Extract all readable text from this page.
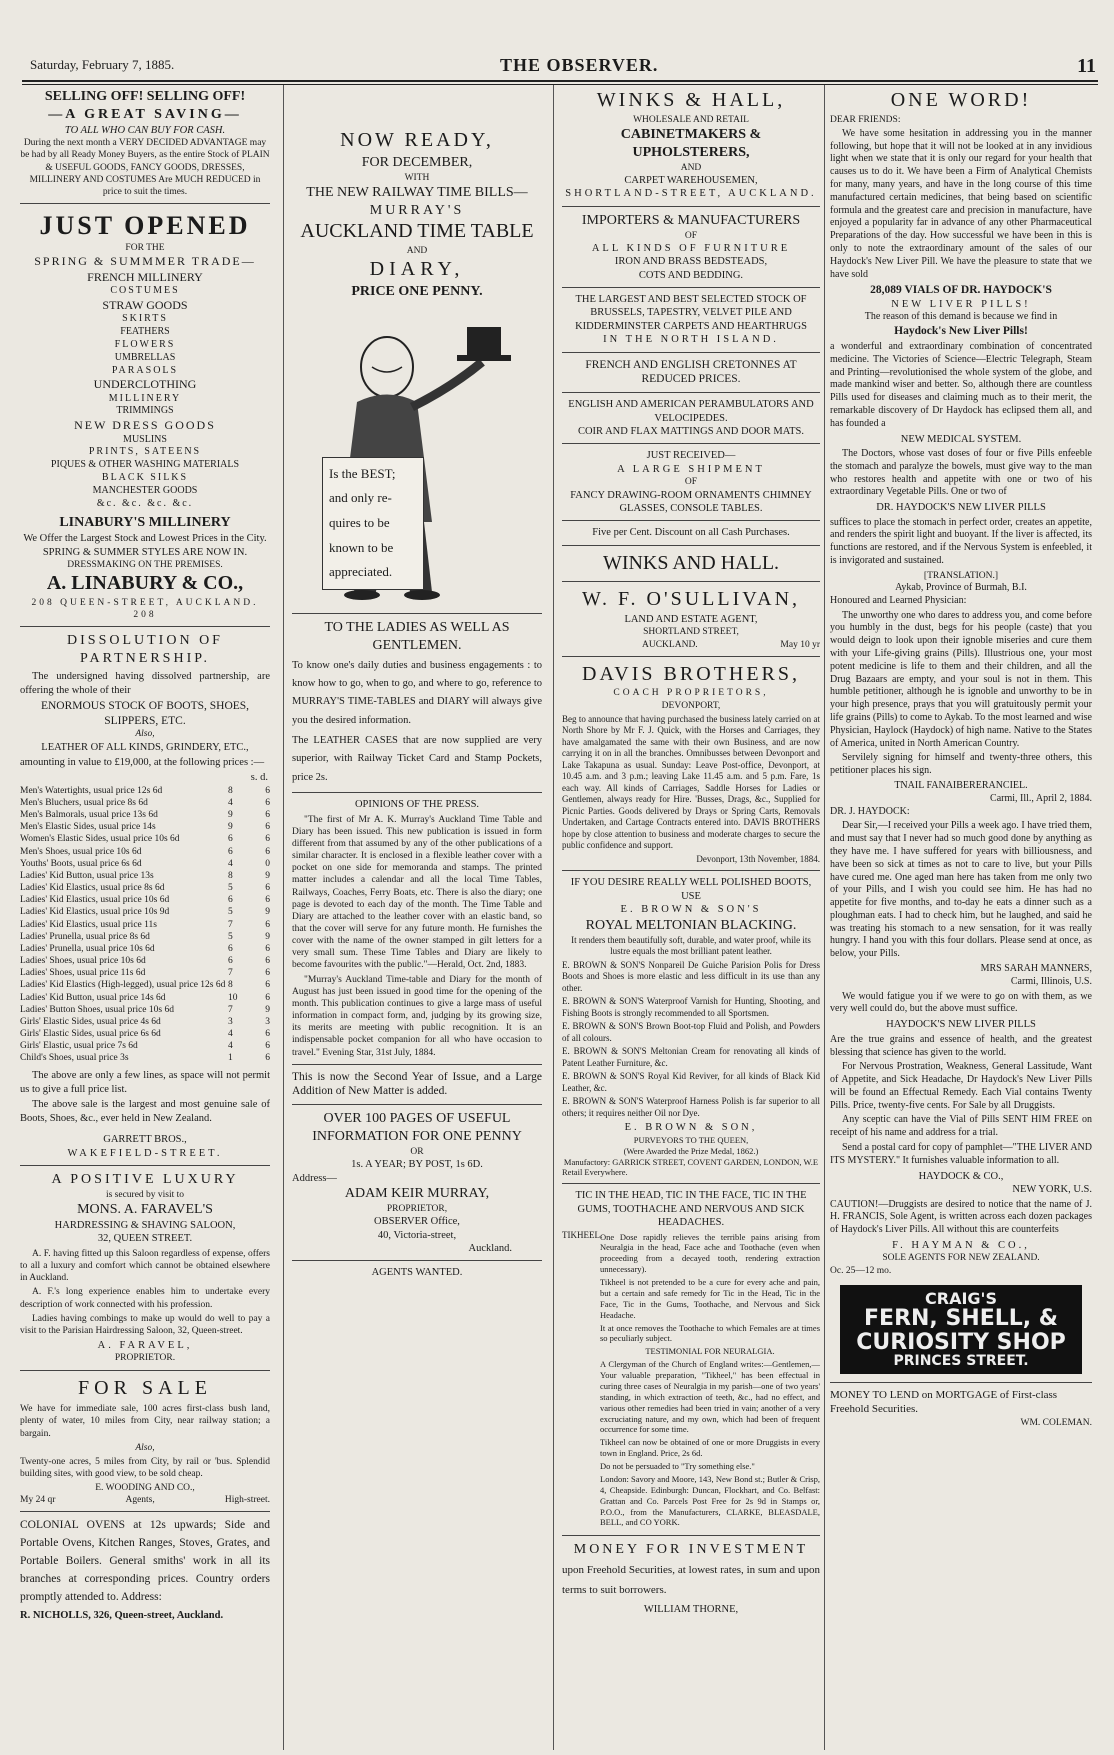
Saturday, February 7, 1885.	THE OBSERVER.	11
SELLING OFF! SELLING OFF!
—A GREAT SAVING—
TO ALL WHO CAN BUY FOR CASH.
During the next month a VERY DECIDED ADVANTAGE may be had by all Ready Money Buyers, as the entire Stock of PLAIN & USEFUL GOODS, FANCY GOODS, DRESSES, MILLINERY AND COSTUMES Are MUCH REDUCED in price to suit the times.
JUST OPENED
FOR THE
SPRING & SUMMMER TRADE—
FRENCH MILLINERY
COSTUMES
STRAW GOODS
SKIRTS
FEATHERS
FLOWERS
UMBRELLAS
PARASOLS
UNDERCLOTHING
MILLINERY
TRIMMINGS
NEW DRESS GOODS
MUSLINS
PRINTS, SATEENS
PIQUES & OTHER WASHING MATERIALS
BLACK SILKS
MANCHESTER GOODS
&c. &c. &c. &c.
LINABURY'S MILLINERY
We Offer the Largest Stock and Lowest Prices in the City.
SPRING & SUMMER STYLES ARE NOW IN.
DRESSMAKING ON THE PREMISES.
A. LINABURY & CO.,
208 QUEEN-STREET, AUCKLAND. 208
DISSOLUTION OF PARTNERSHIP.

The undersigned having dissolved partnership, are offering the whole of their

ENORMOUS STOCK OF BOOTS, SHOES, SLIPPERS, ETC.
Also,
LEATHER OF ALL KINDS, GRINDERY, ETC.,

amounting in value to £19,000, at the following prices :—

s. d.
Men's Watertights, usual price 12s 6d	8	6
Men's Bluchers, usual price 8s 6d	4	6
Men's Balmorals, usual price 13s 6d	9	6
Men's Elastic Sides, usual price 14s	9	6
Women's Elastic Sides, usual price 10s 6d	6	6
Men's Shoes, usual price 10s 6d	6	6
Youths' Boots, usual price 6s 6d	4	0
Ladies' Kid Button, usual price 13s	8	9
Ladies' Kid Elastics, usual price 8s 6d	5	6
Ladies' Kid Elastics, usual price 10s 6d	6	6
Ladies' Kid Elastics, usual price 10s 9d	5	9
Ladies' Kid Elastics, usual price 11s	7	6
Ladies' Prunella, usual price 8s 6d	5	9
Ladies' Prunella, usual price 10s 6d	6	6
Ladies' Shoes, usual price 10s 6d	6	6
Ladies' Shoes, usual price 11s 6d	7	6
Ladies' Kid Elastics (High-legged), usual price 12s 6d 8	6
Ladies' Kid Button, usual price 14s 6d	10	6
Ladies' Button Shoes, usual price 10s 6d	7	9
Girls' Elastic Sides, usual price 4s 6d	3	3
Girls' Elastic Sides, usual price 6s 6d	4	6
Girls' Elastic, usual price 7s 6d	4	6
Child's Shoes, usual price 3s	1	6

The above are only a few lines, as space will not permit us to give a full price list.

The above sale is the largest and most genuine sale of Boots, Shoes, &c., ever held in New Zealand.

GARRETT BROS.,
WAKEFIELD-STREET.
A POSITIVE LUXURY
is secured by visit to
MONS. A. FARAVEL'S
HARDRESSING & SHAVING SALOON,
32, QUEEN STREET.

A. F. having fitted up this Saloon regardless of expense, offers to all a luxury and comfort which cannot be obtained elsewhere in Auckland.

A. F.'s long experience enables him to undertake every description of work connected with his profession.

Ladies having combings to make up would do well to pay a visit to the Parisian Hairdressing Saloon, 32, Queen-street.

A. FARAVEL,
PROPRIETOR.
FOR SALE

We have for immediate sale, 100 acres first-class bush land, plenty of water, 10 miles from City, near railway station; a bargain.

Also,

Twenty-one acres, 5 miles from City, by rail or 'bus. Splendid building sites, with good view, to be sold cheap.

E. WOODING AND CO.,
My 24 qr	Agents,	High-street.

COLONIAL OVENS at 12s upwards; Side and Portable Ovens, Kitchen Ranges, Stoves, Grates, and Portable Boilers. General smiths' work in all its branches at corresponding prices. Country orders promptly attended to. Address:

R. NICHOLLS, 326, Queen-street, Auckland.
NOW READY,
FOR DECEMBER,
WITH
THE NEW RAILWAY TIME BILLS—
MURRAY'S
AUCKLAND TIME TABLE
AND
DIARY,
PRICE ONE PENNY.
Is the BEST;
and only re-
quires to be
known to be
appreciated.
TO THE LADIES AS WELL AS GENTLEMEN.

To know one's daily duties and business engagements : to know how to go, when to go, and where to go, reference to MURRAY'S TIME-TABLES and DIARY will always give you the desired information.

The LEATHER CASES that are now supplied are very superior, with Railway Ticket Card and Stamp Pockets, price 2s.

OPINIONS OF THE PRESS.

"The first of Mr A. K. Murray's Auckland Time Table and Diary has been issued. This new publication is issued in form different from that assumed by any of the other publications of a similar character. It is enclosed in a flexible leather cover with a pocket on one side for memoranda and stamps. The printed matter includes a calendar and all the local Time Tables, Railways, Coaches, Ferry Boats, etc. There is also the diary; one page is devoted to each day of the month. The Time Table and Diary are attached to the leather cover with an elastic band, so that the cover will serve for any future month. He furnishes the cover with the name of the owner stamped in gilt letters for a very small sum. These Time Tables and Diary are likely to become favourites with the public."—Herald, Oct. 2nd, 1883.

"Murray's Auckland Time-table and Diary for the month of August has just been issued in good time for the opening of the month. This publication continues to give a large mass of useful information in compact form, and, judging by its growing size, its merits are meeting with public recognition. It is an indispensable pocket companion for all who have occasion to travel." Evening Star, 31st July, 1884.

This is now the Second Year of Issue, and a Large Addition of New Matter is added.

OVER 100 PAGES OF USEFUL INFORMATION FOR ONE PENNY
OR
1s. A YEAR; BY POST, 1s 6D.
Address—
ADAM KEIR MURRAY,
PROPRIETOR,
OBSERVER Office,
40, Victoria-street,
Auckland.
AGENTS WANTED.
WINKS & HALL,
WHOLESALE AND RETAIL
CABINETMAKERS & UPHOLSTERERS,
AND
CARPET WAREHOUSEMEN,
SHORTLAND-STREET, AUCKLAND.
IMPORTERS & MANUFACTURERS
OF
ALL KINDS OF FURNITURE
IRON AND BRASS BEDSTEADS,
COTS AND BEDDING.
THE LARGEST AND BEST SELECTED STOCK OF BRUSSELS, TAPESTRY, VELVET PILE AND KIDDERMINSTER CARPETS AND HEARTHRUGS
IN THE NORTH ISLAND.
FRENCH AND ENGLISH CRETONNES AT REDUCED PRICES.
ENGLISH AND AMERICAN PERAMBULATORS AND VELOCIPEDES.
COIR AND FLAX MATTINGS AND DOOR MATS.
JUST RECEIVED—
A LARGE SHIPMENT
OF
FANCY DRAWING-ROOM ORNAMENTS CHIMNEY GLASSES, CONSOLE TABLES.
Five per Cent. Discount on all Cash Purchases.
WINKS AND HALL.
W. F. O'SULLIVAN,
LAND AND ESTATE AGENT,
SHORTLAND STREET,
AUCKLAND.	May 10 yr
DAVIS BROTHERS,
COACH PROPRIETORS,
DEVONPORT,

Beg to announce that having purchased the business lately carried on at North Shore by Mr F. J. Quick, with the Horses and Carriages, they have amalgamated the same with their own Business, and are now carrying it on in all the branches. Omnibusses between Devonport and Lake Takapuna as usual. Sunday: Leave Post-office, Devonport, at 10.45 a.m. and 3 p.m.; leaving Lake 11.45 a.m. and 5 p.m. Fare, 1s each way. All kinds of Carriages, Saddle Horses for Ladies or Gentlemen, always ready for Hire. 'Busses, Drags, &c., Supplied for Picnic Parties. Goods delivered by Drays or Spring Carts, Removals Undertaken, and Cartage Contracts entered into. DAVIS BROTHERS hope by close attention to business and moderate charges to secure the public confidence and support.

Devonport, 13th November, 1884.
IF YOU DESIRE REALLY WELL POLISHED BOOTS, USE
E. BROWN & SON'S
ROYAL MELTONIAN BLACKING.
It renders them beautifully soft, durable, and water proof, while its lustre equals the most brilliant patent leather.

E. BROWN & SON'S Nonpareil De Guiche Parision Polis for Dress Boots and Shoes is more elastic and less difficult in its use than any other.

E. BROWN & SON'S Waterproof Varnish for Hunting, Shooting, and Fishing Boots is strongly recommended to all Sportsmen.

E. BROWN & SON'S Brown Boot-top Fluid and Polish, and Powders of all colours.

E. BROWN & SON'S Meltonian Cream for renovating all kinds of Patent Leather Furniture, &c.

E. BROWN & SON'S Royal Kid Reviver, for all kinds of Black Kid Leather, &c.

E. BROWN & SON'S Waterproof Harness Polish is far superior to all others; it requires neither Oil nor Dye.

E. BROWN & SON,
PURVEYORS TO THE QUEEN,
(Were Awarded the Prize Medal, 1862.)
Manufactory: GARRICK STREET, COVENT GARDEN, LONDON, W.E
Retail Everywhere.
TIC IN THE HEAD, TIC IN THE FACE, TIC IN THE GUMS, TOOTHACHE AND NERVOUS AND SICK HEADACHES.
TIKHEEL.

One Dose rapidly relieves the terrible pains arising from Neuralgia in the head, Face ache and Toothache (even when proceeding from a decayed tooth, rendering extraction unnecessary).

Tikheel is not pretended to be a cure for every ache and pain, but a certain and safe remedy for Tic in the Head, Tic in the Face, Tic in the Gums, Toothache, and Nervous and Sick Headache.

It at once removes the Toothache to which Females are at times so peculiarly subject.

TESTIMONIAL FOR NEURALGIA.

A Clergyman of the Church of England writes:—Gentlemen,—Your valuable preparation, "Tikheel," has been effectual in curing three cases of Neuralgia in my parish—one of two years' standing, in which extraction of teeth, &c., had no effect, and various other remedies had been tried in vain; another of a very excruciating nature, and my own, which had been of frequent occurrence for some time.

Tikheel can now be obtained of one or more Druggists in every town in England. Price, 2s 6d.

Do not be persuaded to "Try something else."

London: Savory and Moore, 143, New Bond st.; Butler & Crisp, 4, Cheapside. Edinburgh: Duncan, Flockhart, and Co. Belfast: Grattan and Co. Parcels Post Free for 2s 9d in Stamps or, P.O.O., from the Manufacturers, CLARKE, BLEASDALE, BELL, and CO YORK.

MONEY FOR INVESTMENT

upon Freehold Securities, at lowest rates, in sum and upon terms to suit borrowers.

WILLIAM THORNE,
ONE WORD!
DEAR FRIENDS:

We have some hesitation in addressing you in the manner following, but hope that it will not be looked at in any invidious light when we state that it is only our regard for your health that causes us to do it. We have been a Firm of Analytical Chemists for many, many years, and have in the long course of this time manufactured certain medicines, that being based on scientific formula and the greatest care and precision in manufacture, have enjoyed a popularity far in advance of any other Pharmaceutical Preparations of the day. How successful we have been in this is only to note the extraordinary amount of the sales of our Haydock's New Liver Pill. We have the pleasure to state that we have sold

28,089 VIALS OF DR. HAYDOCK'S
NEW LIVER PILLS!
The reason of this demand is because we find in
Haydock's New Liver Pills!

a wonderful and extraordinary combination of concentrated medicine. The Victories of Science—Electric Telegraph, Steam and Printing—revolutionised the whole system of the globe, and made mankind wiser and better. So, although there are countless Pills used for diseases and claiming much as to their merit, the remarkable discovery of Dr Haydock has eclipsed them all, and has founded a

NEW MEDICAL SYSTEM.

The Doctors, whose vast doses of four or five Pills enfeeble the stomach and paralyze the bowels, must give way to the man who restores health and appetite with one or two of his extraordinary Vegetable Pills. One or two of

DR. HAYDOCK'S NEW LIVER PILLS

suffices to place the stomach in perfect order, creates an appetite, and renders the spirit light and buoyant. If the liver is affected, its functions are restored, and if the Nervous System is enfeebled, it is invigorated and sustained.

[TRANSLATION.]
Aykab, Province of Burmah, B.I.
Honoured and Learned Physician:

The unworthy one who dares to address you, and come before you humbly in the dust, begs for his people (caste) that you would deign to look upon their ignoble miseries and cure them with your Life-giving grains (Pills). Illustrious one, your most potent medicine is life to them and their children, and all the Drug Bazaars are empty, and your soul is not in them. This humble petitioner, although he is ignoble and unworthy to be in your high presence, prays that you will gratuitously permit your life grains (Pills) to come to Aykab. To the most learned and wise Physician, Haylock (Haydock) of high name. Native to the States of America, united in North American Country.

Servilely signing for himself and twenty-three others, this petitioner places his sign.

TNAIL FANAIBERERANCIEL.
Carmi, Ill., April 2, 1884.
DR. J. HAYDOCK:

Dear Sir,—I received your Pills a week ago. I have tried them, and must say that I never had so much good done by anything as they have me. I have suffered for years with billiousness, and have been so sick at times as not to care to live, but your Pills have cured me. One aged man here has taken from me only two of your Pills, and I wish you could see him. He has had no appetite for five months, and to-day he eats a dinner such as a ploughman eats. I had to check him, but he laughed, and said he was treating his stomach to a new sensation, for it was really hungry. I hand you with this four dollars. Please send at once, as below, your Pills.

MRS SARAH MANNERS,
Carmi, Illinois, U.S.

We would fatigue you if we were to go on with them, as we very well could do, but the above must suffice.

HAYDOCK'S NEW LIVER PILLS

Are the true grains and essence of health, and the greatest blessing that science has given to the world.

For Nervous Prostration, Weakness, General Lassitude, Want of Appetite, and Sick Headache, Dr Haydock's New Liver Pills will be found an Effectual Remedy. Each Vial contains Twenty Pills. Price, twenty-five cents. For Sale by all Druggists.

Any sceptic can have the Vial of Pills SENT HIM FREE on receipt of his name and address for a trial.

Send a postal card for copy of pamphlet—"THE LIVER AND ITS MYSTERY." It furnishes valuable information to all.

HAYDOCK & CO.,
NEW YORK, U.S.

CAUTION!—Druggists are desired to notice that the name of J. H. FRANCIS, Sole Agent, is written across each dozen packages of Haydock's Liver Pills. All without this are counterfeits

F. HAYMAN & CO.,
SOLE AGENTS FOR NEW ZEALAND.
Oc. 25—12 mo.
CRAIG'S
FERN, SHELL, &
CURIOSITY SHOP
PRINCES STREET.
MONEY TO LEND on MORTGAGE of First-class Freehold Securities.
WM. COLEMAN.
